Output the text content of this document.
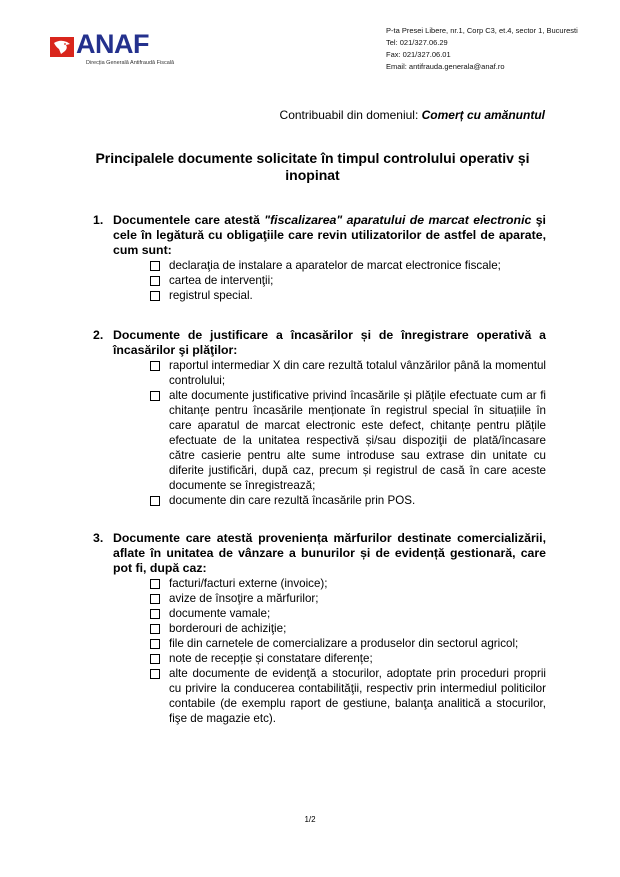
ANAF
Direcția Generală Antifraudă Fiscală
P-ta Presei Libere, nr.1, Corp C3, et.4, sector 1, Bucuresti
Tel: 021/327.06.29
Fax: 021/327.06.01
Email: antifrauda.generala@anaf.ro
Contribuabil din domeniul: Comerț cu amănuntul
Principalele documente solicitate în timpul controlului operativ și inopinat
1. Documentele care atestă "fiscalizarea" aparatului de marcat electronic şi cele în legătură cu obligaţiile care revin utilizatorilor de astfel de aparate, cum sunt:
declaraţia de instalare a aparatelor de marcat electronice fiscale;
cartea de intervenţii;
registrul special.
2. Documente de justificare a încasărilor și de înregistrare operativă a încasărilor şi plăţilor:
raportul intermediar X din care rezultă totalul vânzărilor până la momentul controlului;
alte documente justificative privind încasările și plățile efectuate cum ar fi chitanțe pentru încasările menționate în registrul special în situațiile în care aparatul de marcat electronic este defect, chitanțe pentru plățile efectuate de la unitatea respectivă și/sau dispoziţii de plată/încasare către casierie pentru alte sume introduse sau extrase din unitate cu diferite justificări, după caz, precum și registrul de casă în care aceste documente se înregistrează;
documente din care rezultă încasările prin POS.
3. Documente care atestă proveniența mărfurilor destinate comercializării, aflate în unitatea de vânzare a bunurilor și de evidență gestionară, care pot fi, după caz:
facturi/facturi externe (invoice);
avize de însoţire a mărfurilor;
documente vamale;
borderouri de achiziţie;
file din carnetele de comercializare a produselor din sectorul agricol;
note de recepție și constatare diferențe;
alte documente de evidenţă a stocurilor, adoptate prin proceduri proprii cu privire la conducerea contabilităţii, respectiv prin intermediul politicilor contabile (de exemplu raport de gestiune, balanţa analitică a stocurilor, fişe de magazie etc).
1/2
